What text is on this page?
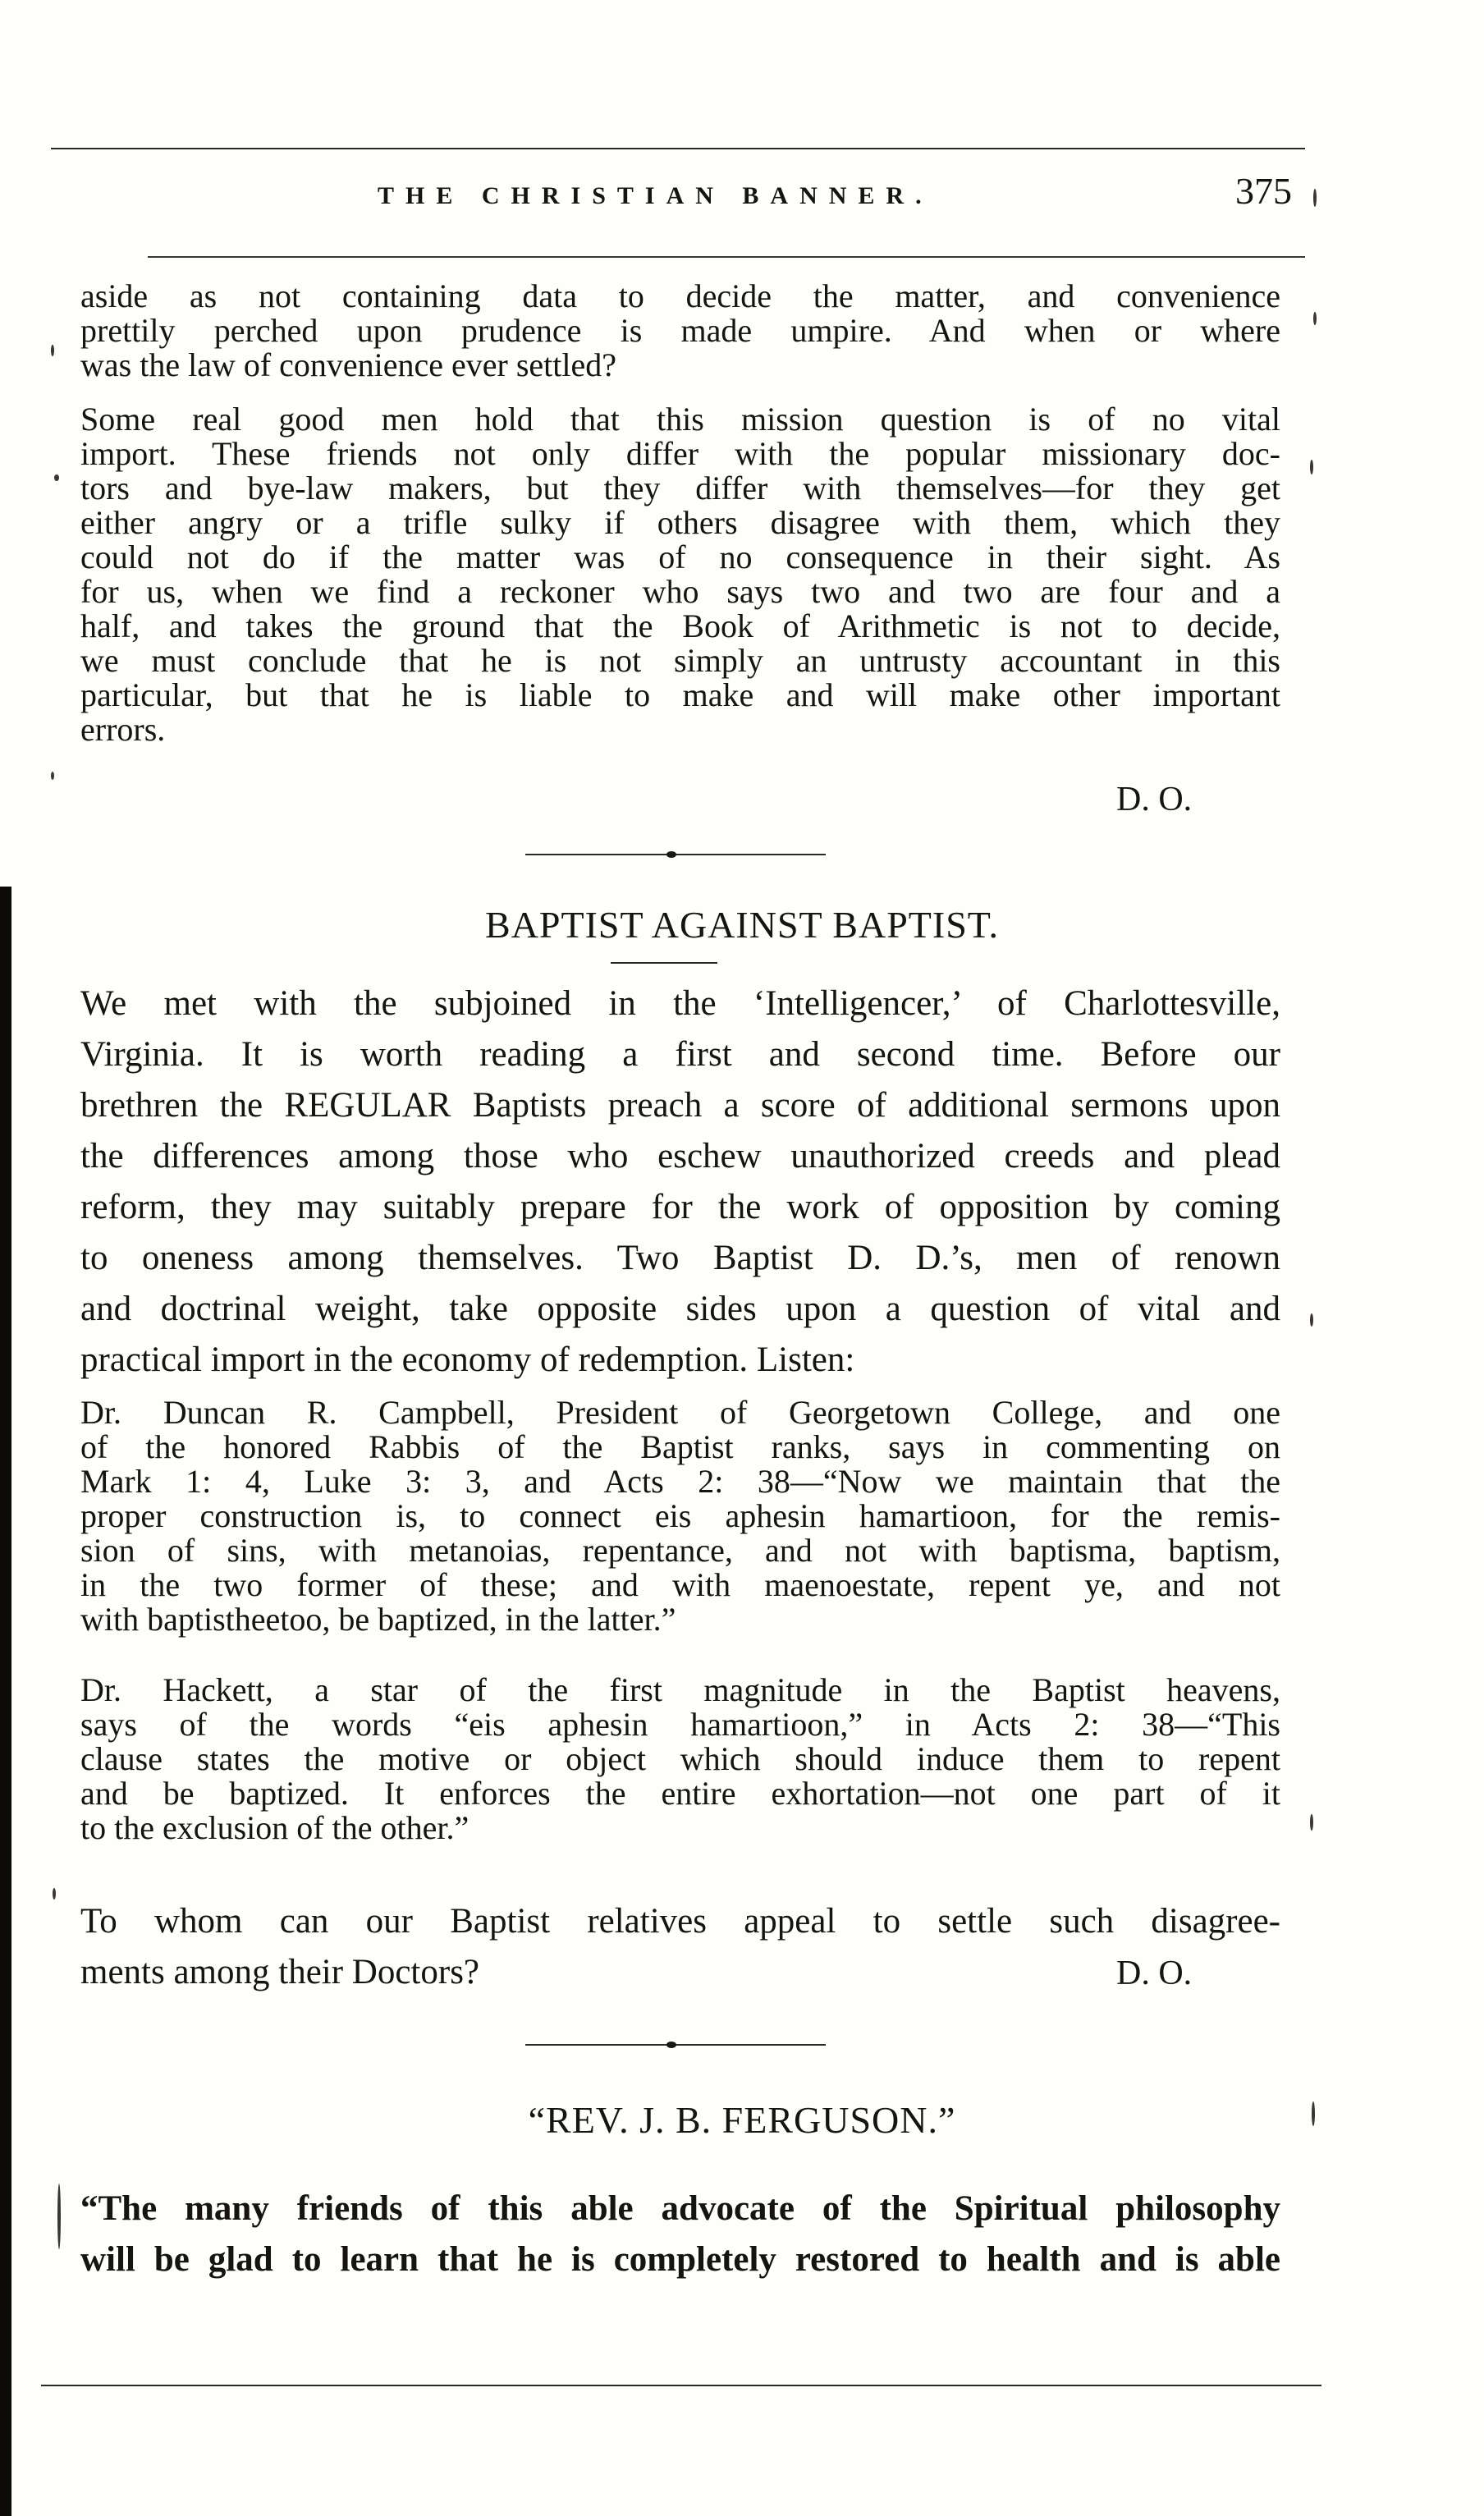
THE CHRISTIAN BANNER.	375
aside as not containing data to decide the matter, and convenience
prettily perched upon prudence is made umpire. And when or where
was the law of convenience ever settled?
Some real good men hold that this mission question is of no vital
import. These friends not only differ with the popular missionary doc-
tors and bye-law makers, but they differ with themselves—for they get
either angry or a trifle sulky if others disagree with them, which they
could not do if the matter was of no consequence in their sight. As
for us, when we find a reckoner who says two and two are four and a
half, and takes the ground that the Book of Arithmetic is not to decide,
we must conclude that he is not simply an untrusty accountant in this
particular, but that he is liable to make and will make other important
errors.
D. O.
BAPTIST AGAINST BAPTIST.
We met with the subjoined in the ‘Intelligencer,’ of Charlottesville,
Virginia. It is worth reading a first and second time. Before our
brethren the REGULAR Baptists preach a score of additional sermons upon
the differences among those who eschew unauthorized creeds and plead
reform, they may suitably prepare for the work of opposition by coming
to oneness among themselves. Two Baptist D. D.’s, men of renown
and doctrinal weight, take opposite sides upon a question of vital and
practical import in the economy of redemption. Listen:
Dr. Duncan R. Campbell, President of Georgetown College, and one
of the honored Rabbis of the Baptist ranks, says in commenting on
Mark 1: 4, Luke 3: 3, and Acts 2: 38—“Now we maintain that the
proper construction is, to connect eis aphesin hamartioon, for the remis-
sion of sins, with metanoias, repentance, and not with baptisma, baptism,
in the two former of these; and with maenoestate, repent ye, and not
with baptistheetoo, be baptized, in the latter.”
Dr. Hackett, a star of the first magnitude in the Baptist heavens,
says of the words “eis aphesin hamartioon,” in Acts 2: 38—“This
clause states the motive or object which should induce them to repent
and be baptized. It enforces the entire exhortation—not one part of it
to the exclusion of the other.”
To whom can our Baptist relatives appeal to settle such disagree-
ments among their Doctors?	D. O.
“REV. J. B. FERGUSON.”
“The many friends of this able advocate of the Spiritual philosophy
will be glad to learn that he is completely restored to health and is able
